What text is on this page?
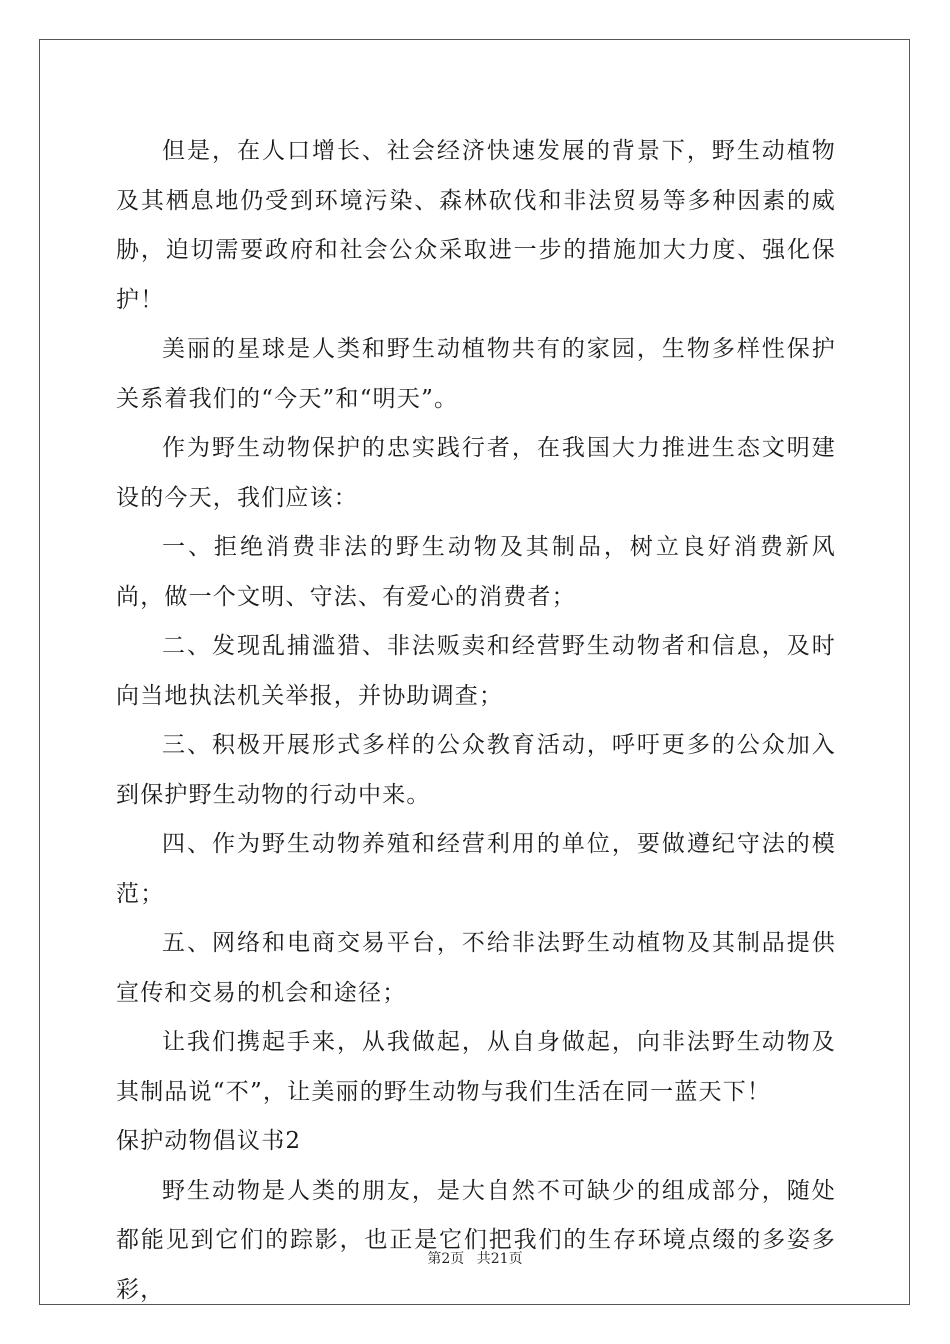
但是，在人口增长、社会经济快速发展的背景下，野生动植物及其栖息地仍受到环境污染、森林砍伐和非法贸易等多种因素的威胁，迫切需要政府和社会公众采取进一步的措施加大力度、强化保护！

美丽的星球是人类和野生动植物共有的家园，生物多样性保护关系着我们的“今天”和“明天”。

作为野生动物保护的忠实践行者，在我国大力推进生态文明建设的今天，我们应该：

一、拒绝消费非法的野生动物及其制品，树立良好消费新风尚，做一个文明、守法、有爱心的消费者；

二、发现乱捕滥猎、非法贩卖和经营野生动物者和信息，及时向当地执法机关举报，并协助调查；

三、积极开展形式多样的公众教育活动，呼吁更多的公众加入到保护野生动物的行动中来。

四、作为野生动物养殖和经营利用的单位，要做遵纪守法的模范；

五、网络和电商交易平台，不给非法野生动植物及其制品提供宣传和交易的机会和途径；

让我们携起手来，从我做起，从自身做起，向非法野生动物及其制品说“不”，让美丽的野生动物与我们生活在同一蓝天下！

保护动物倡议书2

野生动物是人类的朋友，是大自然不可缺少的组成部分，随处都能见到它们的踪影，也正是它们把我们的生存环境点缀的多姿多彩，

第2页 共21页
